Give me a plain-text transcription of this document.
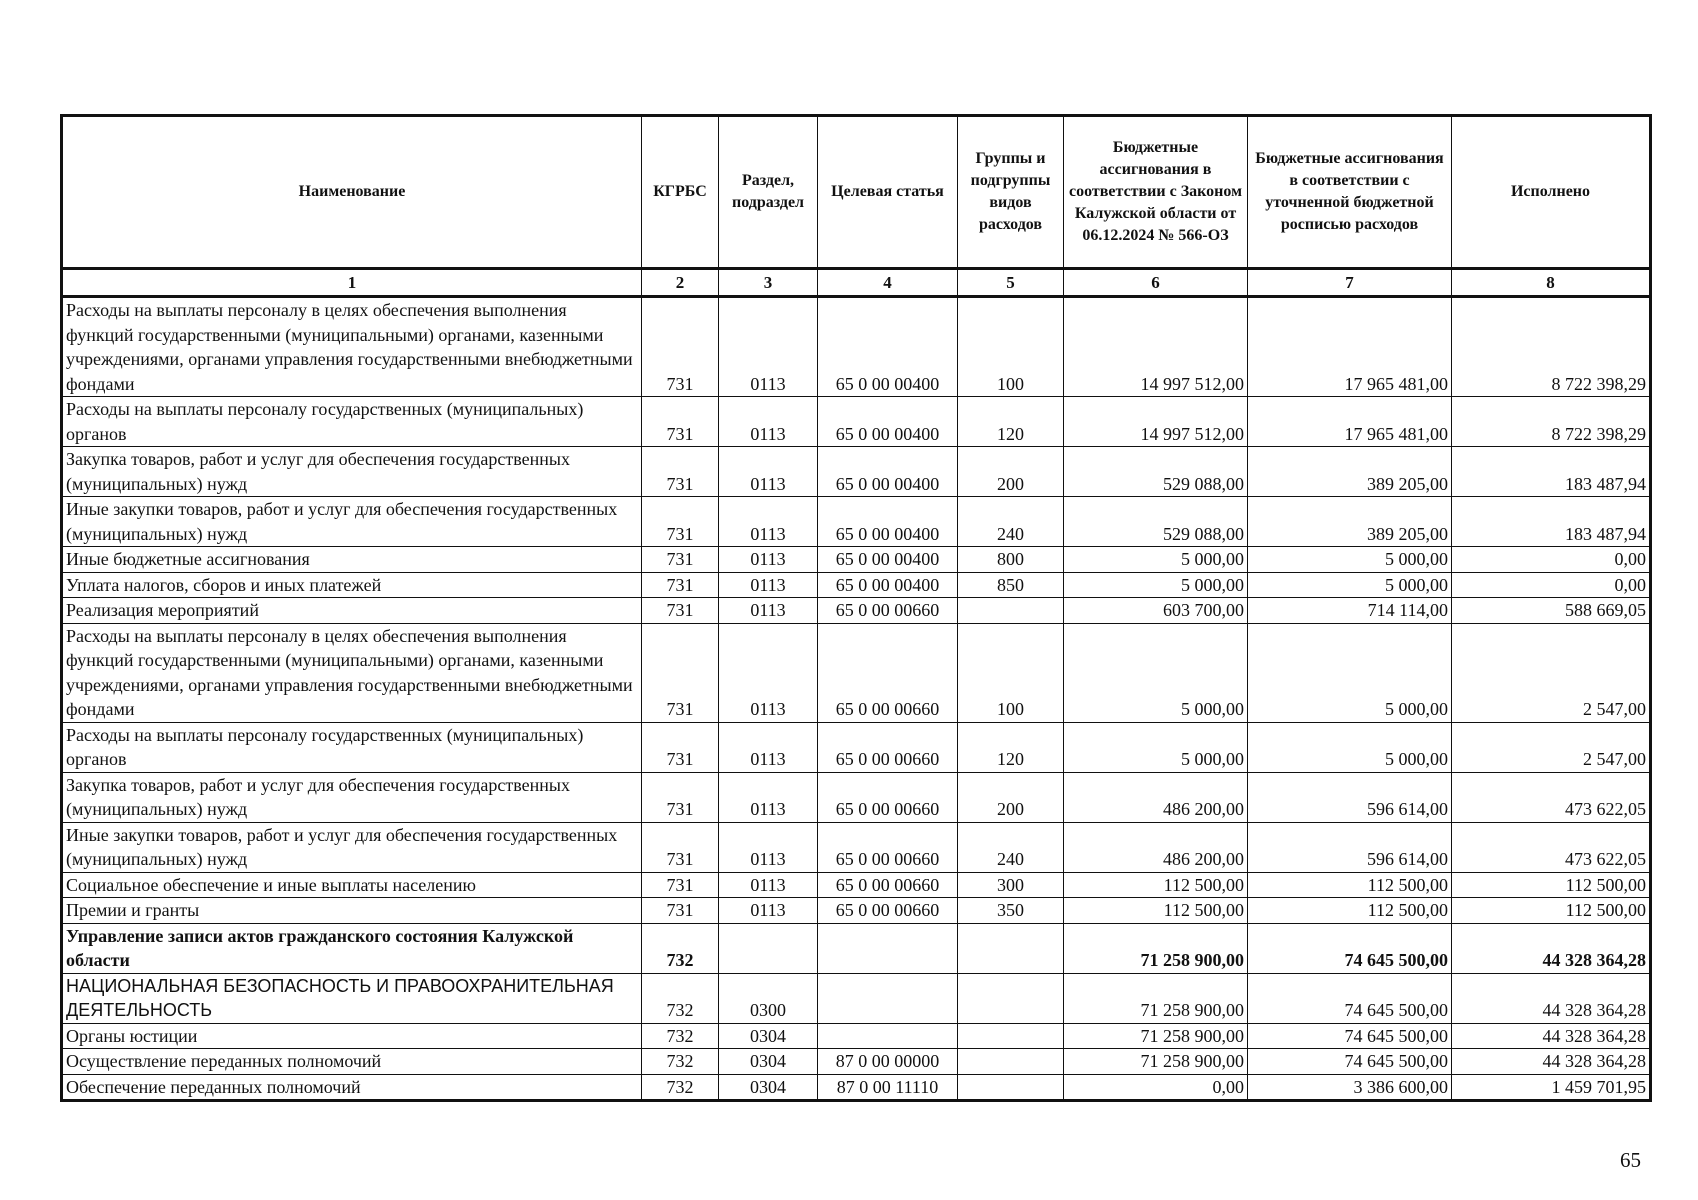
Наименование	КГРБС	Раздел, подраздел	Целевая статья	Группы и подгруппы видов расходов	Бюджетные ассигнования в соответствии с Законом Калужской области от 06.12.2024 № 566-ОЗ	Бюджетные ассигнования в соответствии с уточненной бюджетной росписью расходов	Исполнено
1	2	3	4	5	6	7	8
Расходы на выплаты персоналу в целях обеспечения выполнения функций государственными (муниципальными) органами, казенными учреждениями, органами управления государственными внебюджетными фондами	731	0113	65 0 00 00400	100	14 997 512,00	17 965 481,00	8 722 398,29
Расходы на выплаты персоналу государственных (муниципальных) органов	731	0113	65 0 00 00400	120	14 997 512,00	17 965 481,00	8 722 398,29
Закупка товаров, работ и услуг для обеспечения государственных (муниципальных) нужд	731	0113	65 0 00 00400	200	529 088,00	389 205,00	183 487,94
Иные закупки товаров, работ и услуг для обеспечения государственных (муниципальных) нужд	731	0113	65 0 00 00400	240	529 088,00	389 205,00	183 487,94
Иные бюджетные ассигнования	731	0113	65 0 00 00400	800	5 000,00	5 000,00	0,00
Уплата налогов, сборов и иных платежей	731	0113	65 0 00 00400	850	5 000,00	5 000,00	0,00
Реализация мероприятий	731	0113	65 0 00 00660		603 700,00	714 114,00	588 669,05
Расходы на выплаты персоналу в целях обеспечения выполнения функций государственными (муниципальными) органами, казенными учреждениями, органами управления государственными внебюджетными фондами	731	0113	65 0 00 00660	100	5 000,00	5 000,00	2 547,00
Расходы на выплаты персоналу государственных (муниципальных) органов	731	0113	65 0 00 00660	120	5 000,00	5 000,00	2 547,00
Закупка товаров, работ и услуг для обеспечения государственных (муниципальных) нужд	731	0113	65 0 00 00660	200	486 200,00	596 614,00	473 622,05
Иные закупки товаров, работ и услуг для обеспечения государственных (муниципальных) нужд	731	0113	65 0 00 00660	240	486 200,00	596 614,00	473 622,05
Социальное обеспечение и иные выплаты населению	731	0113	65 0 00 00660	300	112 500,00	112 500,00	112 500,00
Премии и гранты	731	0113	65 0 00 00660	350	112 500,00	112 500,00	112 500,00
Управление записи актов гражданского состояния Калужской области	732				71 258 900,00	74 645 500,00	44 328 364,28
НАЦИОНАЛЬНАЯ БЕЗОПАСНОСТЬ И ПРАВООХРАНИТЕЛЬНАЯ ДЕЯТЕЛЬНОСТЬ	732	0300			71 258 900,00	74 645 500,00	44 328 364,28
Органы юстиции	732	0304			71 258 900,00	74 645 500,00	44 328 364,28
Осуществление переданных полномочий	732	0304	87 0 00 00000		71 258 900,00	74 645 500,00	44 328 364,28
Обеспечение переданных полномочий	732	0304	87 0 00 11110		0,00	3 386 600,00	1 459 701,95
65
